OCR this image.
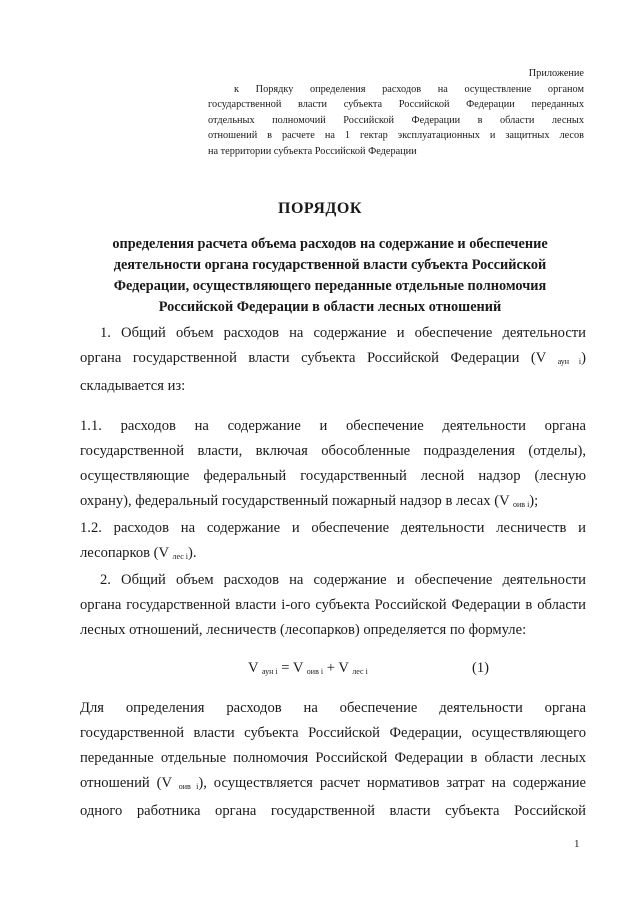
Приложение
к Порядку определения расходов на осуществление органом
государственной власти субъекта Российской Федерации переданных
отдельных полномочий Российской Федерации в области лесных
отношений в расчете на 1 гектар эксплуатационных и защитных лесов
на территории субъекта Российской Федерации
ПОРЯДОК
определения расчета объема расходов на содержание и обеспечение
деятельности органа государственной власти субъекта Российской
Федерации, осуществляющего переданные отдельные полномочия
Российской Федерации в области лесных отношений
1. Общий объем расходов на содержание и обеспечение деятельности
органа государственной власти субъекта Российской Федерации (V $_{аун i}$)
складывается из:
1.1. расходов на содержание и обеспечение деятельности органа
государственной власти, включая обособленные подразделения (отделы),
осуществляющие федеральный государственный лесной надзор (лесную
охрану), федеральный государственный пожарный надзор в лесах (V $_{оив i}$);
1.2. расходов на содержание и обеспечение деятельности лесничеств и
лесопарков (V $_{лес i}$).
2. Общий объем расходов на содержание и обеспечение деятельности
органа государственной власти i-ого субъекта Российской Федерации в области
лесных отношений, лесничеств (лесопарков) определяется по формуле:
V $_{аун i}$ = V $_{оив i}$ + V $_{лес i}$	(1)
Для определения расходов на обеспечение деятельности органа
государственной власти субъекта Российской Федерации, осуществляющего
переданные отдельные полномочия Российской Федерации в области лесных
отношений (V $_{оив i}$), осуществляется расчет нормативов затрат на содержание
одного работника органа государственной власти субъекта Российской
1
